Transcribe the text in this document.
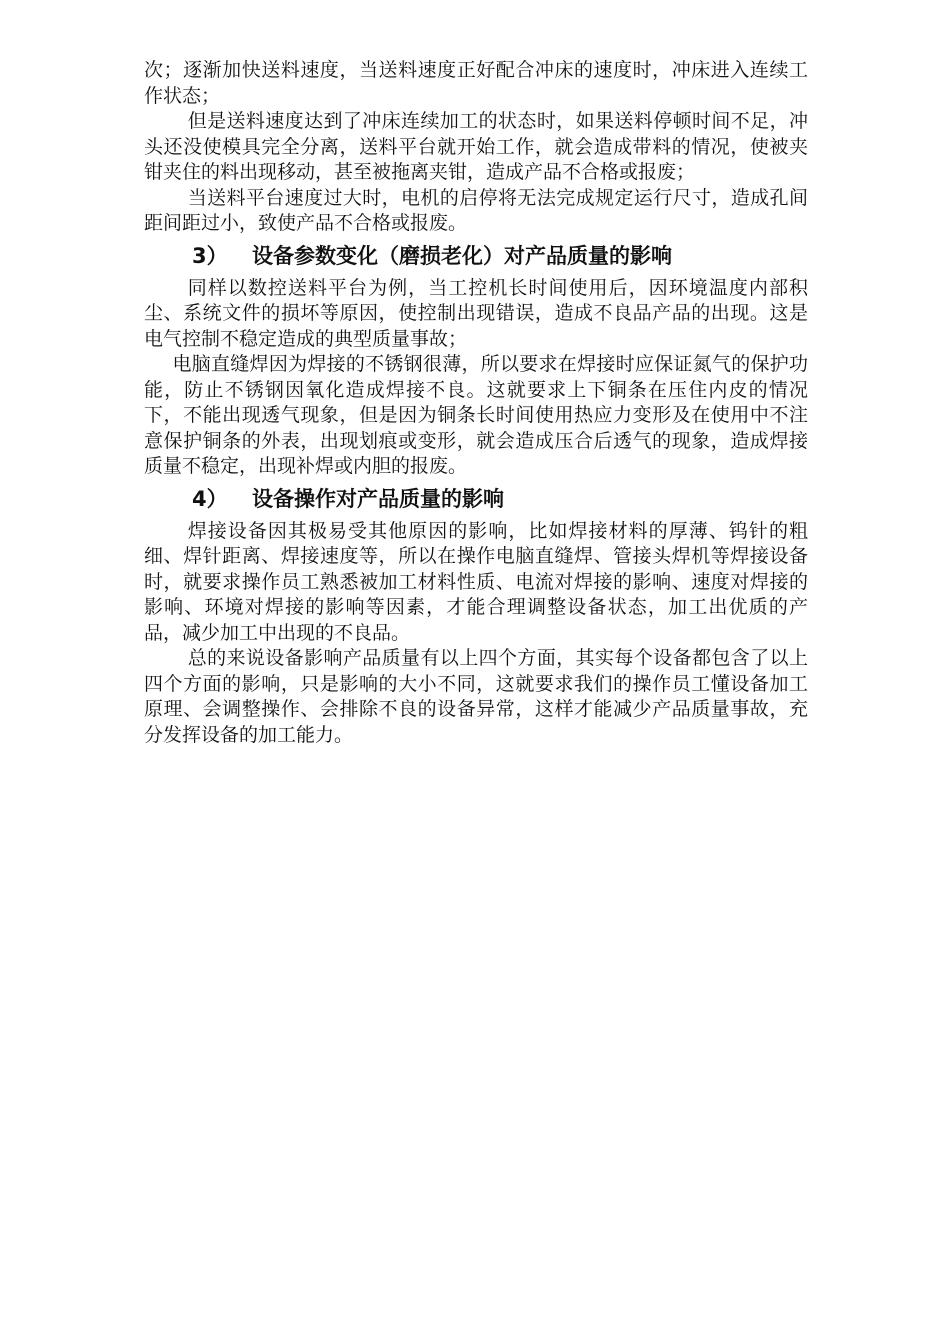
次；逐渐加快送料速度，当送料速度正好配合冲床的速度时，冲床进入连续工作状态；

但是送料速度达到了冲床连续加工的状态时，如果送料停顿时间不足，冲头还没使模具完全分离，送料平台就开始工作，就会造成带料的情况，使被夹钳夹住的料出现移动，甚至被拖离夹钳，造成产品不合格或报废；

当送料平台速度过大时，电机的启停将无法完成规定运行尺寸，造成孔间距间距过小，致使产品不合格或报废。

3） 设备参数变化（磨损老化）对产品质量的影响

同样以数控送料平台为例，当工控机长时间使用后，因环境温度内部积尘、系统文件的损坏等原因，使控制出现错误，造成不良品产品的出现。这是电气控制不稳定造成的典型质量事故；

电脑直缝焊因为焊接的不锈钢很薄，所以要求在焊接时应保证氮气的保护功能，防止不锈钢因氧化造成焊接不良。这就要求上下铜条在压住内皮的情况下，不能出现透气现象，但是因为铜条长时间使用热应力变形及在使用中不注意保护铜条的外表，出现划痕或变形，就会造成压合后透气的现象，造成焊接质量不稳定，出现补焊或内胆的报废。

4） 设备操作对产品质量的影响

焊接设备因其极易受其他原因的影响，比如焊接材料的厚薄、钨针的粗细、焊针距离、焊接速度等，所以在操作电脑直缝焊、管接头焊机等焊接设备时，就要求操作员工熟悉被加工材料性质、电流对焊接的影响、速度对焊接的影响、环境对焊接的影响等因素，才能合理调整设备状态，加工出优质的产品，减少加工中出现的不良品。

总的来说设备影响产品质量有以上四个方面，其实每个设备都包含了以上四个方面的影响，只是影响的大小不同，这就要求我们的操作员工懂设备加工原理、会调整操作、会排除不良的设备异常，这样才能减少产品质量事故，充分发挥设备的加工能力。
